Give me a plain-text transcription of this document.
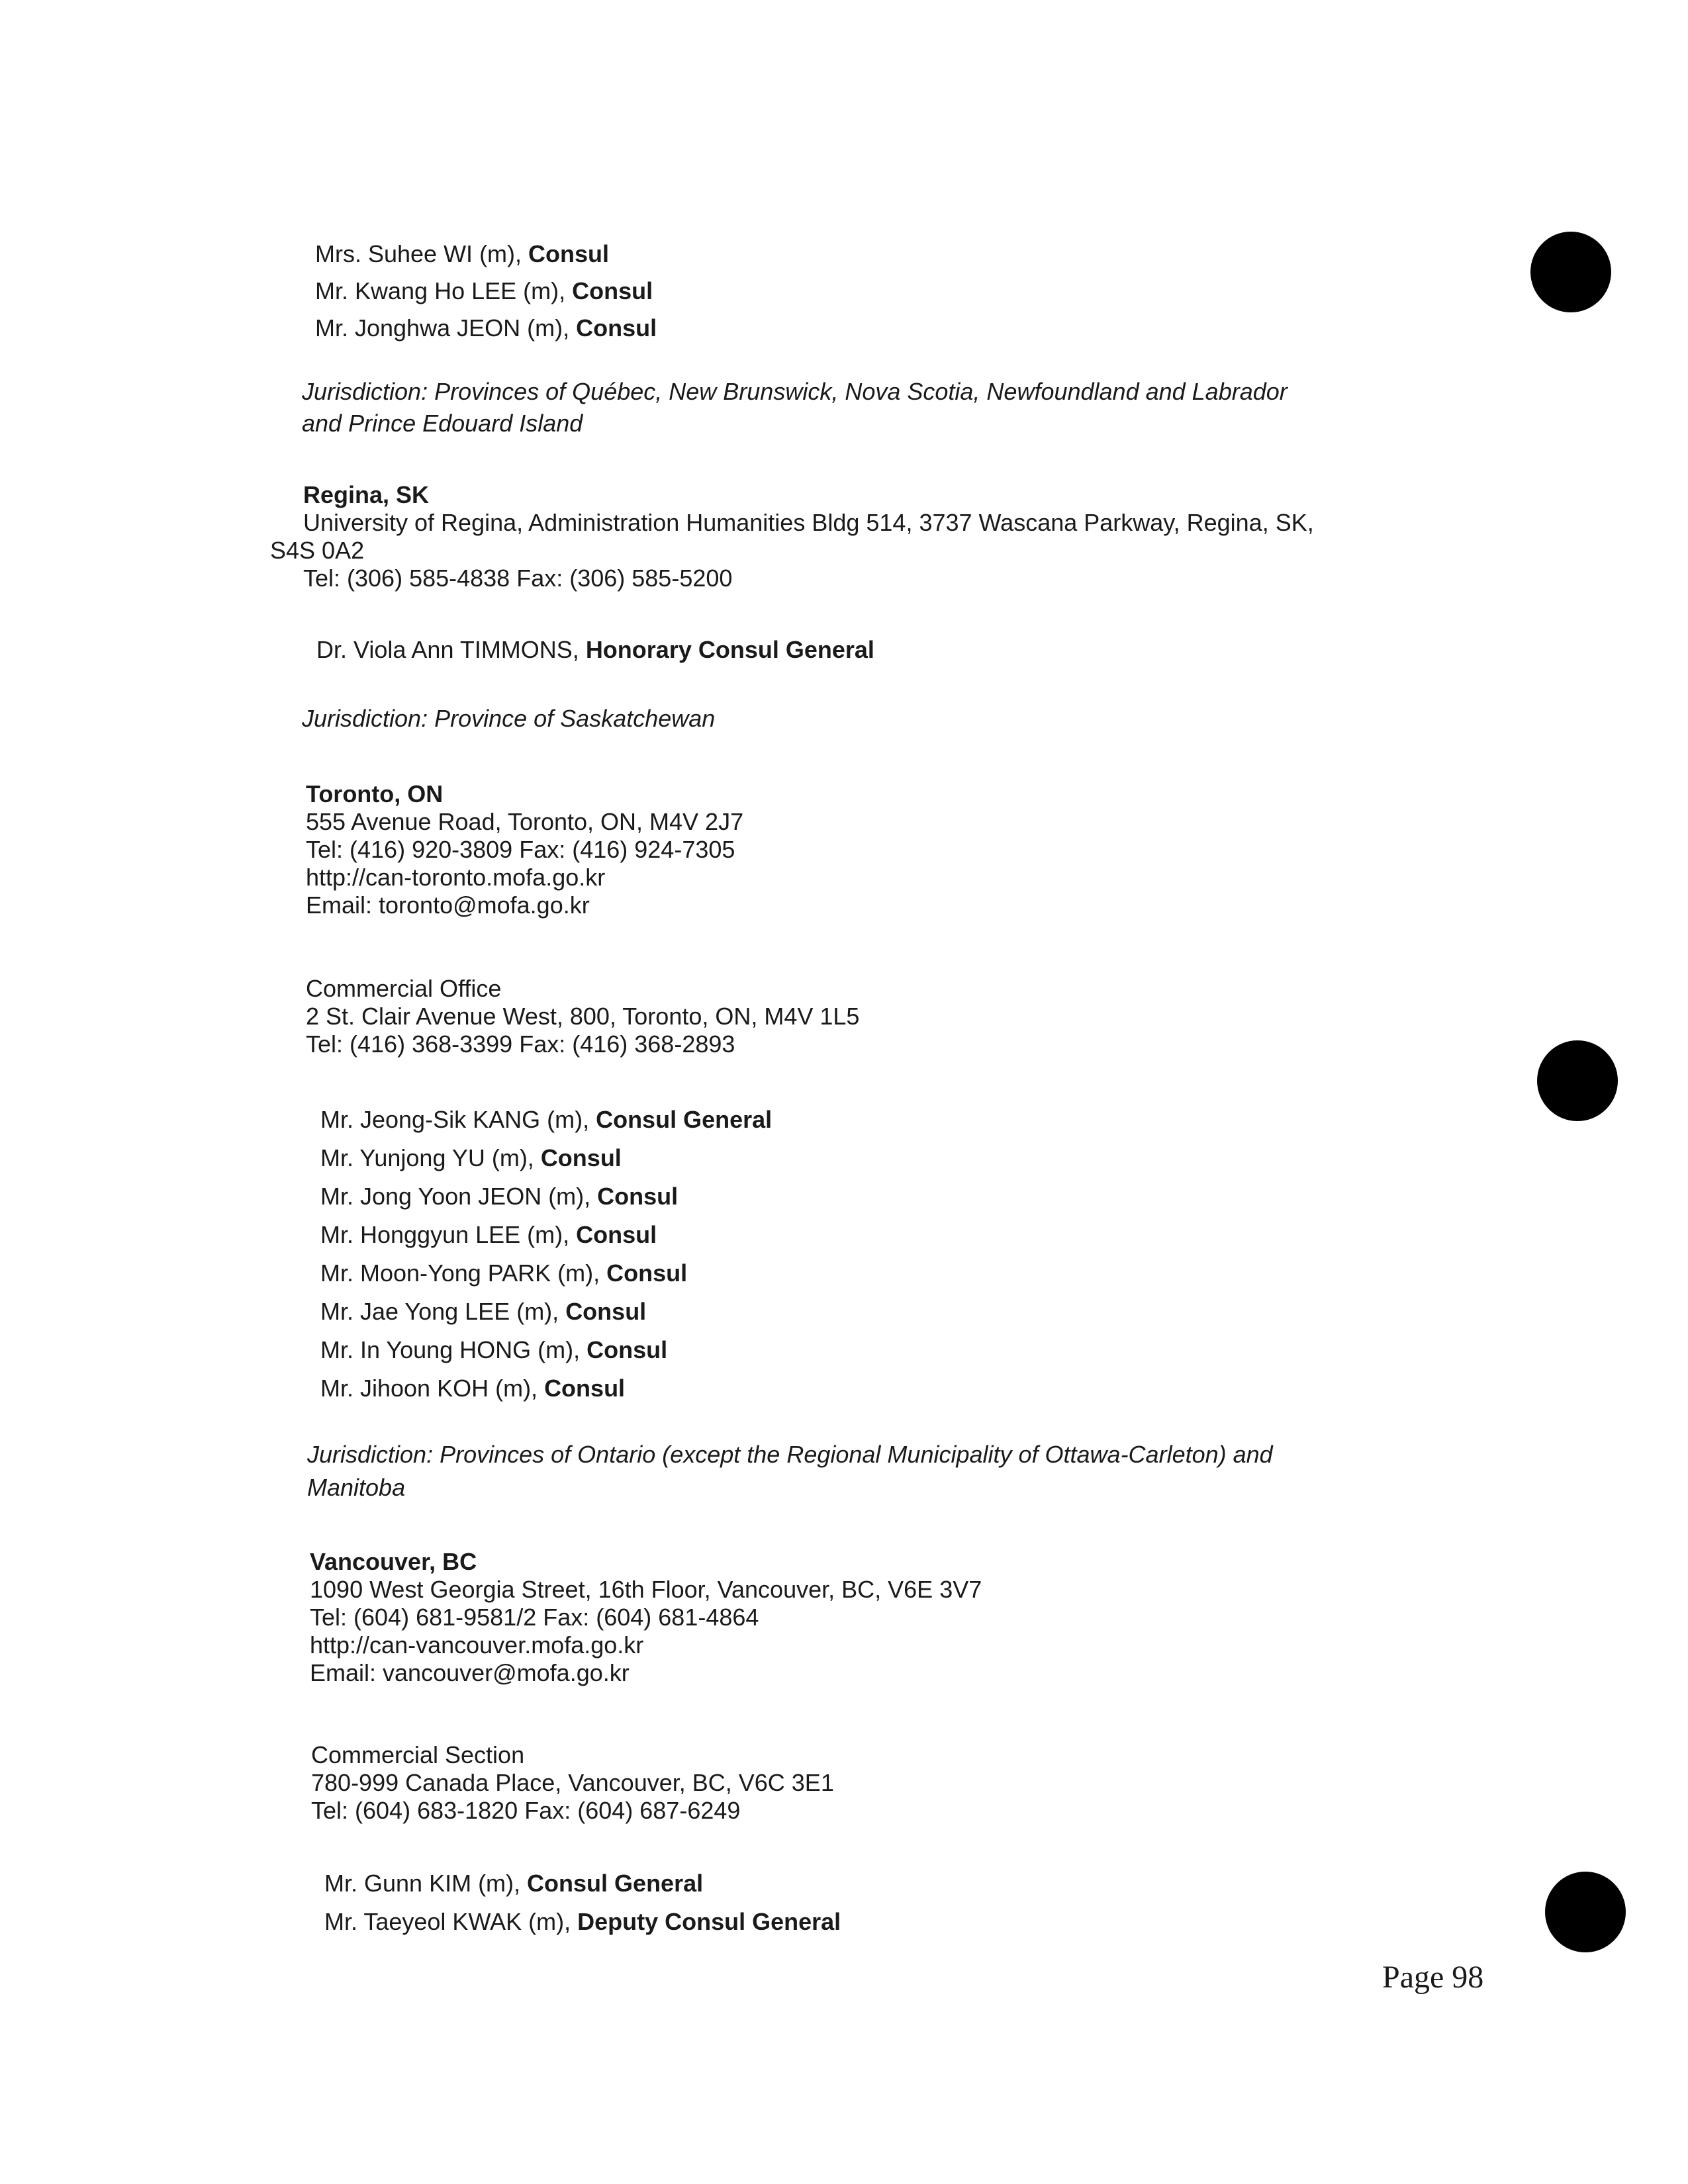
Mrs. Suhee WI (m), Consul
Mr. Kwang Ho LEE (m), Consul
Mr. Jonghwa JEON (m), Consul
Jurisdiction: Provinces of Québec, New Brunswick, Nova Scotia, Newfoundland and Labrador
and Prince Edouard Island
Regina, SK
University of Regina, Administration Humanities Bldg 514, 3737 Wascana Parkway, Regina, SK,
S4S 0A2
Tel: (306) 585-4838 Fax: (306) 585-5200
Dr. Viola Ann TIMMONS, Honorary Consul General
Jurisdiction: Province of Saskatchewan
Toronto, ON
555 Avenue Road, Toronto, ON, M4V 2J7
Tel: (416) 920-3809 Fax: (416) 924-7305
http://can-toronto.mofa.go.kr
Email: toronto@mofa.go.kr
Commercial Office
2 St. Clair Avenue West, 800, Toronto, ON, M4V 1L5
Tel: (416) 368-3399 Fax: (416) 368-2893
Mr. Jeong-Sik KANG (m), Consul General
Mr. Yunjong YU (m), Consul
Mr. Jong Yoon JEON (m), Consul
Mr. Honggyun LEE (m), Consul
Mr. Moon-Yong PARK (m), Consul
Mr. Jae Yong LEE (m), Consul
Mr. In Young HONG (m), Consul
Mr. Jihoon KOH (m), Consul
Jurisdiction: Provinces of Ontario (except the Regional Municipality of Ottawa-Carleton) and
Manitoba
Vancouver, BC
1090 West Georgia Street, 16th Floor, Vancouver, BC, V6E 3V7
Tel: (604) 681-9581/2 Fax: (604) 681-4864
http://can-vancouver.mofa.go.kr
Email: vancouver@mofa.go.kr
Commercial Section
780-999 Canada Place, Vancouver, BC, V6C 3E1
Tel: (604) 683-1820 Fax: (604) 687-6249
Mr. Gunn KIM (m), Consul General
Mr. Taeyeol KWAK (m), Deputy Consul General
Page 98
